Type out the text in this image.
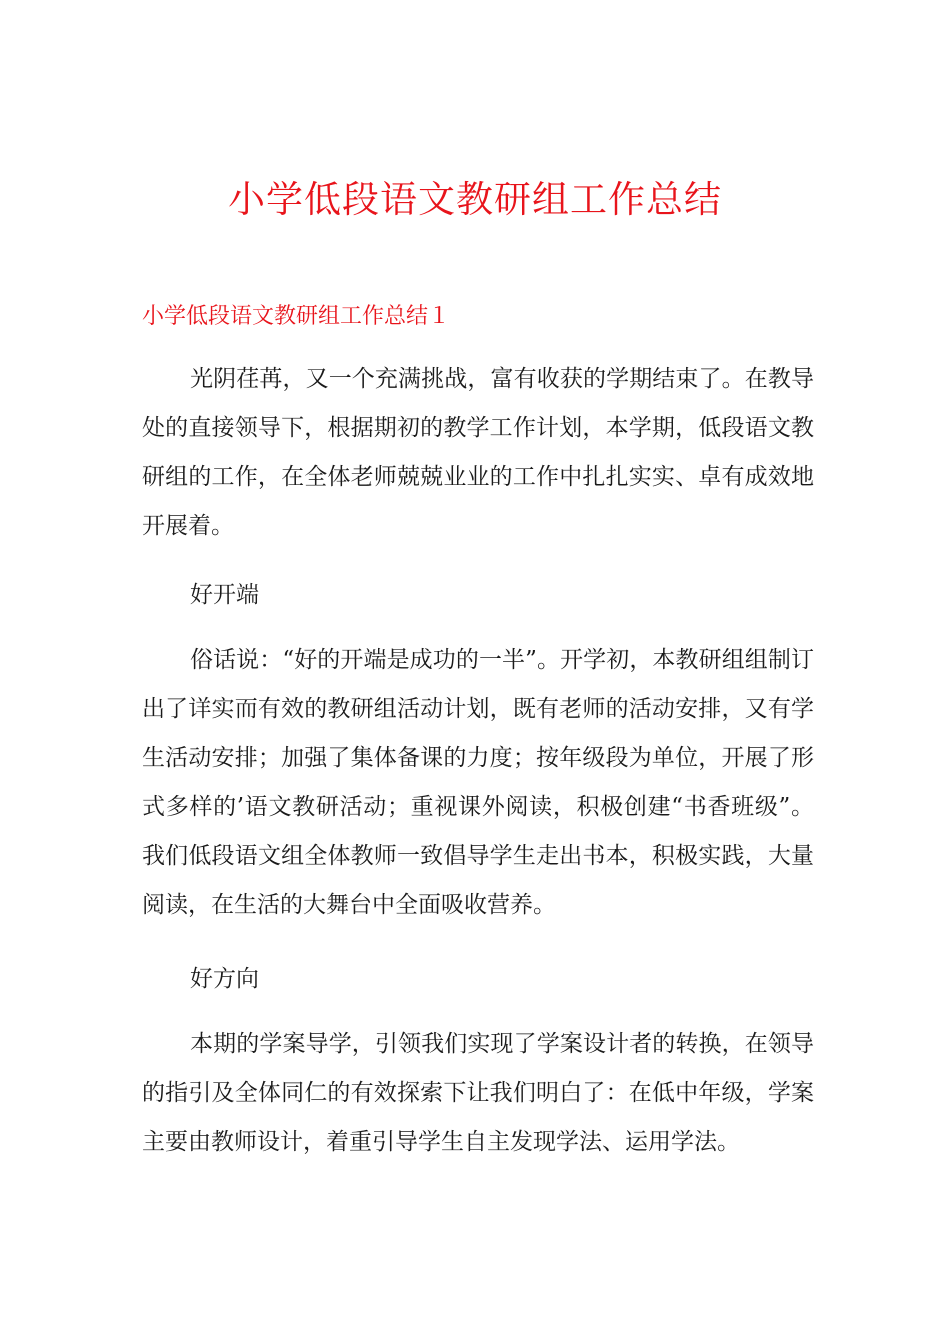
小学低段语文教研组工作总结
小学低段语文教研组工作总结１

光阴荏苒，又一个充满挑战，富有收获的学期结束了。在教导处的直接领导下，根据期初的教学工作计划，本学期，低段语文教研组的工作，在全体老师兢兢业业的工作中扎扎实实、卓有成效地开展着。

好开端

俗话说：“好的开端是成功的一半”。开学初，本教研组组制订出了详实而有效的教研组活动计划，既有老师的活动安排，又有学生活动安排；加强了集体备课的力度；按年级段为单位，开展了形式多样的’语文教研活动；重视课外阅读，积极创建“书香班级”。我们低段语文组全体教师一致倡导学生走出书本，积极实践，大量阅读，在生活的大舞台中全面吸收营养。

好方向

本期的学案导学，引领我们实现了学案设计者的转换，在领导的指引及全体同仁的有效探索下让我们明白了：在低中年级，学案主要由教师设计，着重引导学生自主发现学法、运用学法。
